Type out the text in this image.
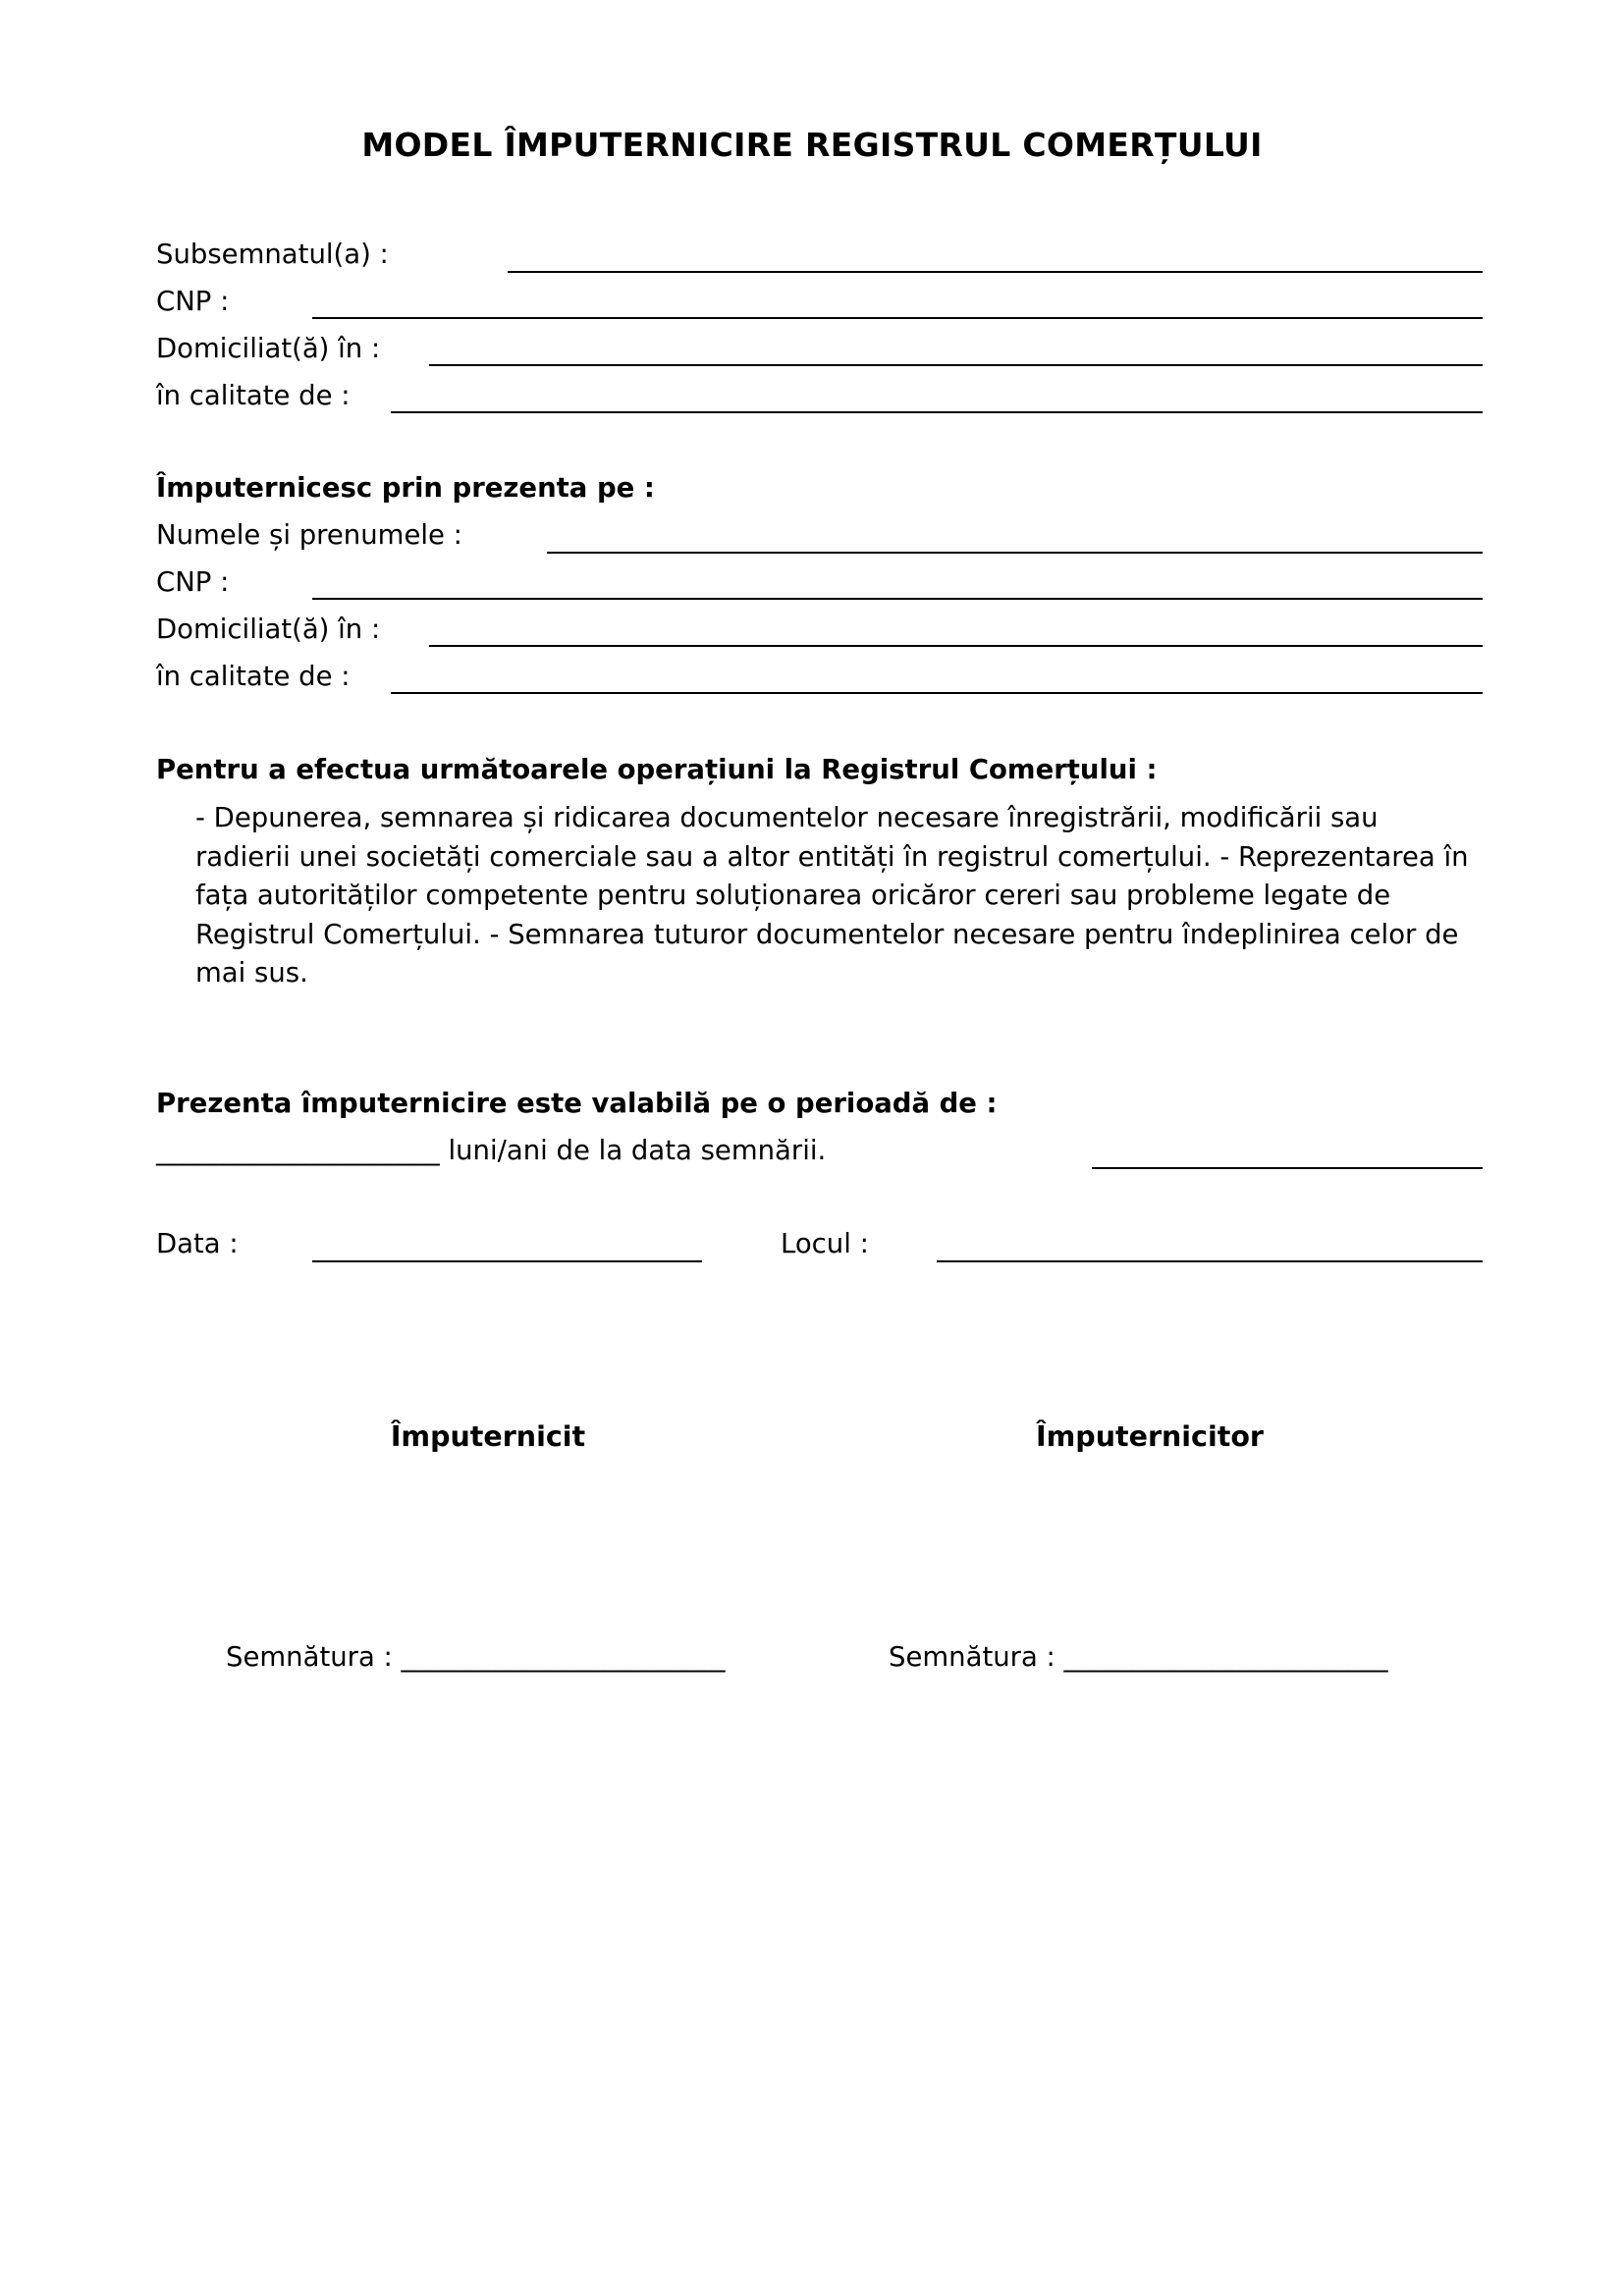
MODEL ÎMPUTERNICIRE REGISTRUL COMERȚULUI
Subsemnatul(a) :
CNP :
Domiciliat(ă) în :
în calitate de :
Împuternicesc prin prezenta pe :
Numele și prenumele :
CNP :
Domiciliat(ă) în :
în calitate de :
Pentru a efectua următoarele operațiuni la Registrul Comerțului :
- Depunerea, semnarea și ridicarea documentelor necesare înregistrării, modificării sau radierii unei societăți comerciale sau a altor entități în registrul comerțului. - Reprezentarea în fața autorităților competente pentru soluționarea oricăror cereri sau probleme legate de Registrul Comerțului. - Semnarea tuturor documentelor necesare pentru îndeplinirea celor de mai sus.
Prezenta împuternicire este valabilă pe o perioadă de :
_____________________ luni/ani de la data semnării.
Data :	Locul :
Împuternicit	Împuternicitor
Semnătura : ________________________	Semnătura : ________________________
